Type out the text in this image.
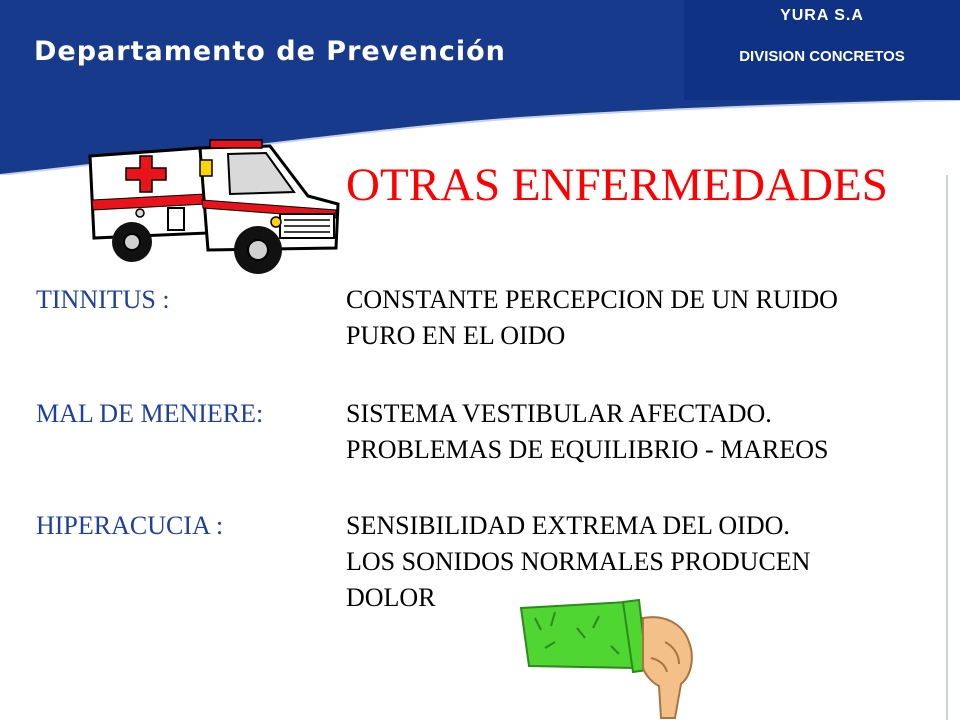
Departamento de Prevención
YURA S.A
DIVISION CONCRETOS
OTRAS ENFERMEDADES
TINNITUS :	CONSTANTE PERCEPCION DE UN RUIDO
PURO EN EL OIDO
MAL DE MENIERE:	SISTEMA VESTIBULAR AFECTADO.
PROBLEMAS DE EQUILIBRIO - MAREOS
HIPERACUCIA :	SENSIBILIDAD EXTREMA DEL OIDO.
LOS SONIDOS NORMALES PRODUCEN
DOLOR
